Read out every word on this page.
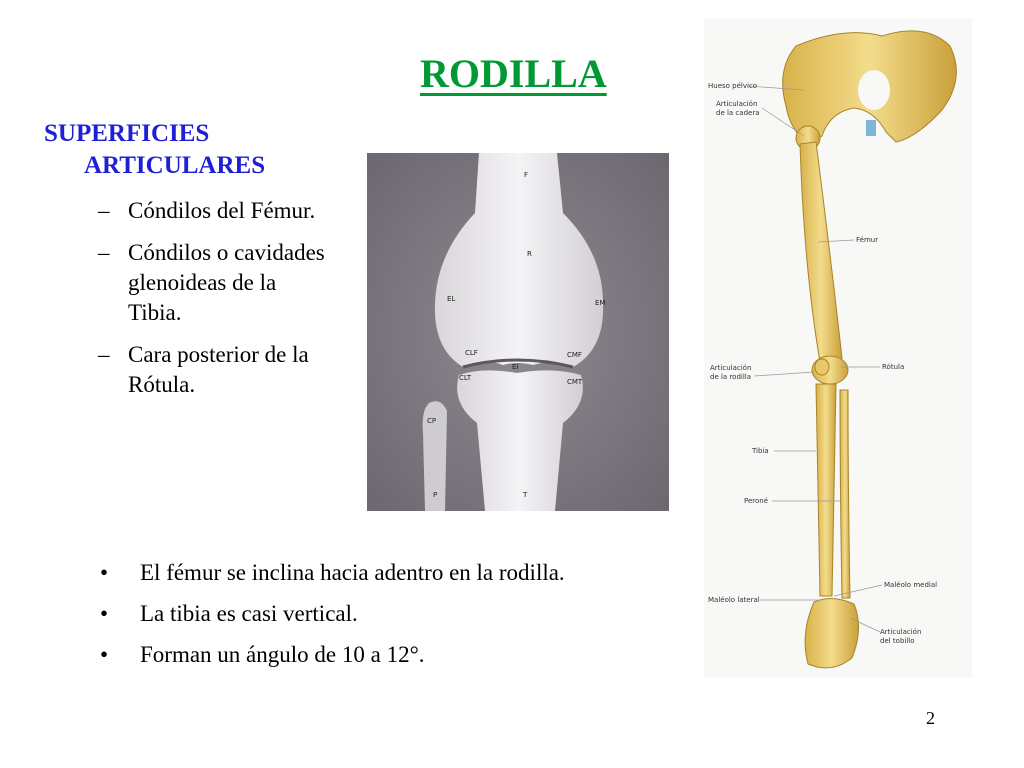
RODILLA
SUPERFICIES
ARTICULARES
– Cóndilos del Fémur.
– Cóndilos o cavidades glenoideas de la Tibia.
– Cara posterior de la Rótula.
F
R
EL	EM
CLF	CMF
EI
CLT	CMT
CP
P	T
Hueso pélvico
Articulación
de la cadera
Fémur
Articulación
de la rodilla
Rótula
Tibia
Peroné
Maléolo medial
Maléolo lateral
Articulación
del tobillo
• El fémur se inclina hacia adentro en la rodilla.
• La tibia es casi vertical.
• Forman un ángulo de 10 a 12°.
2
